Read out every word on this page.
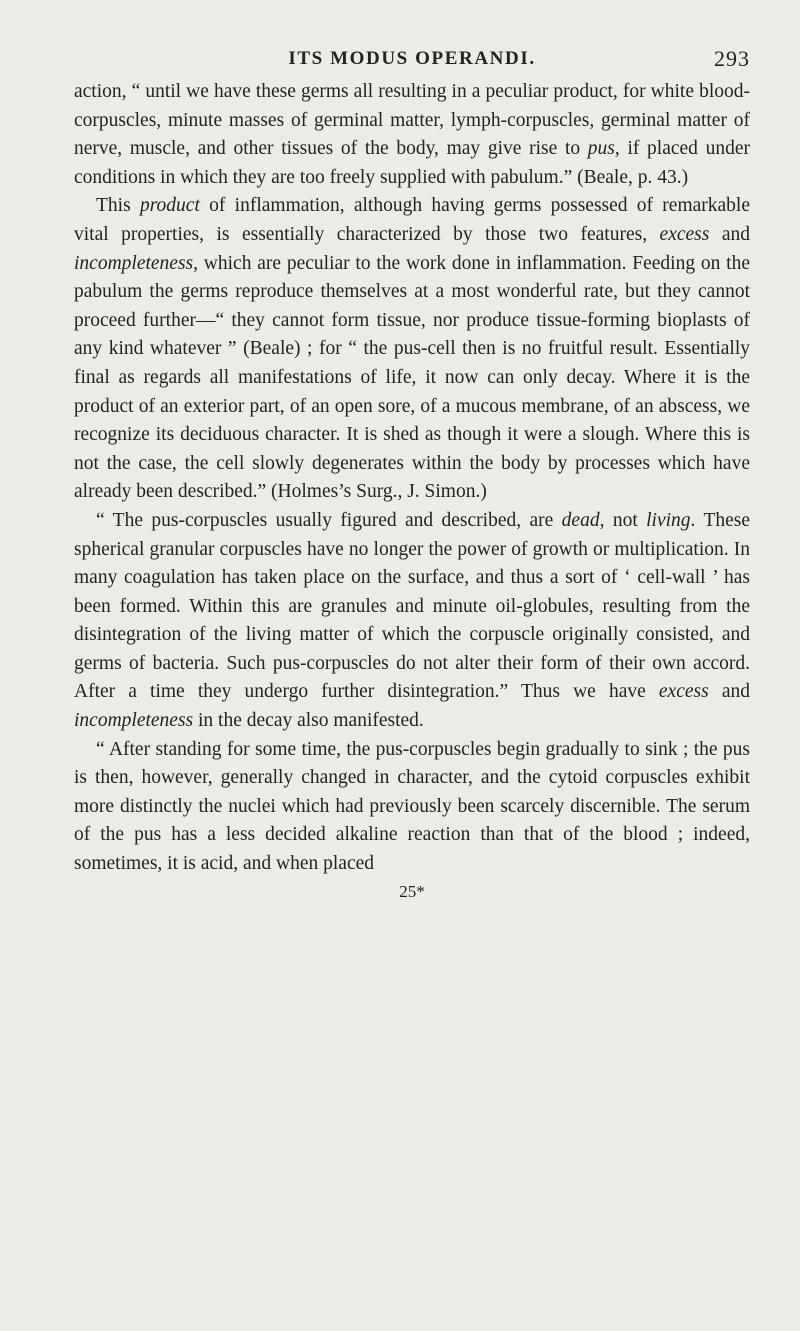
ITS MODUS OPERANDI.	293

action, “ until we have these germs all resulting in a peculiar product, for white blood-corpuscles, minute masses of germinal matter, lymph-corpuscles, germinal matter of nerve, muscle, and other tissues of the body, may give rise to pus, if placed under conditions in which they are too freely supplied with pabulum.” (Beale, p. 43.)

This product of inflammation, although having germs possessed of remarkable vital properties, is essentially characterized by those two features, excess and incompleteness, which are peculiar to the work done in inflammation. Feeding on the pabulum the germs reproduce themselves at a most wonderful rate, but they cannot proceed further—“ they cannot form tissue, nor produce tissue-forming bioplasts of any kind whatever ” (Beale) ; for “ the pus-cell then is no fruitful result. Essentially final as regards all manifestations of life, it now can only decay. Where it is the product of an exterior part, of an open sore, of a mucous membrane, of an abscess, we recognize its deciduous character. It is shed as though it were a slough. Where this is not the case, the cell slowly degenerates within the body by processes which have already been described.” (Holmes’s Surg., J. Simon.)

“ The pus-corpuscles usually figured and described, are dead, not living. These spherical granular corpuscles have no longer the power of growth or multiplication. In many coagulation has taken place on the surface, and thus a sort of ‘ cell-wall ’ has been formed. Within this are granules and minute oil-globules, resulting from the disintegration of the living matter of which the corpuscle originally consisted, and germs of bacteria. Such pus-corpuscles do not alter their form of their own accord. After a time they undergo further disintegration.” Thus we have excess and incompleteness in the decay also manifested.

“ After standing for some time, the pus-corpuscles begin gradually to sink ; the pus is then, however, generally changed in character, and the cytoid corpuscles exhibit more distinctly the nuclei which had previously been scarcely discernible. The serum of the pus has a less decided alkaline reaction than that of the blood ; indeed, sometimes, it is acid, and when placed

25*
